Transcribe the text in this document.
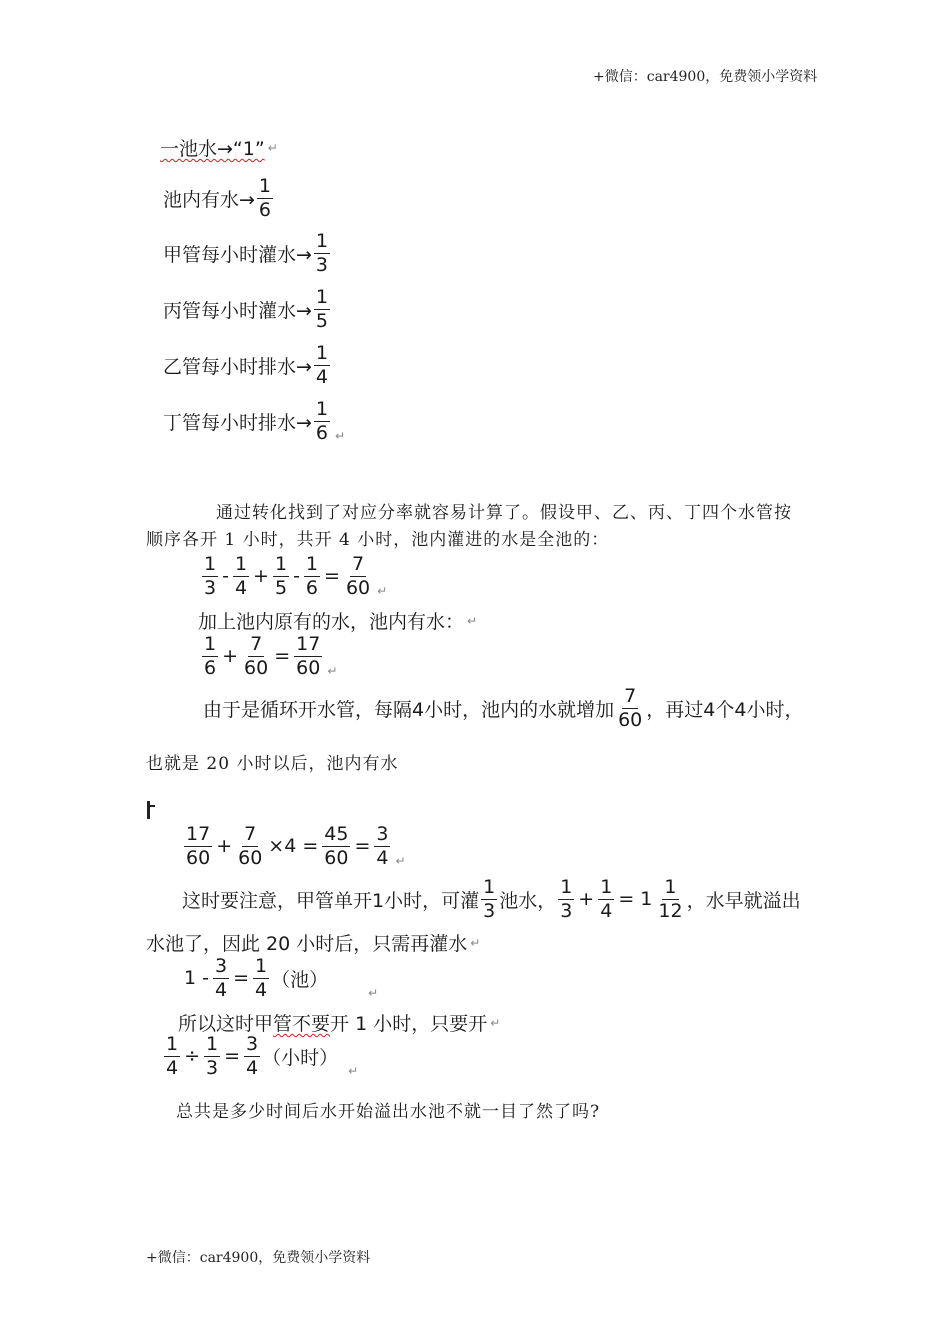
+微信：car4900，免费领小学资料
一池水→“1” ↵
池内有水→ $\frac{1}{6}$
甲管每小时灌水→ $\frac{1}{3}$
丙管每小时灌水→ $\frac{1}{5}$
乙管每小时排水→ $\frac{1}{4}$
丁管每小时排水→ $\frac{1}{6}$ ↵
通过转化找到了对应分率就容易计算了。假设甲、乙、丙、丁四个水管按
顺序各开 1 小时，共开 4 小时，池内灌进的水是全池的：
$\frac{1}{3} - \frac{1}{4} + \frac{1}{5} - \frac{1}{6} = \frac{7}{60}$ ↵
加上池内原有的水，池内有水： ↵
$\frac{1}{6} + \frac{7}{60} = \frac{17}{60}$ ↵
由于是循环开水管，每隔4小时，池内的水就增加 $\frac{7}{60}$ ，再过4个4小时，
也就是 20 小时以后，池内有水
$\frac{17}{60} + \frac{7}{60} \times 4 = \frac{45}{60} = \frac{3}{4}$ ↵
这时要注意，甲管单开1小时，可灌 $\frac{1}{3}$ 池水， $\frac{1}{3} + \frac{1}{4} = 1 \frac{1}{12}$ ，水早就溢出
水池了，因此 20 小时后，只需再灌水 ↵
$1 - \frac{3}{4} = \frac{1}{4}$ （池）
↵
所以这时甲 管不要 开 1 小时，只要开 ↵
$\frac{1}{4} \div \frac{1}{3} = \frac{3}{4}$ （小时）
↵
总共是多少时间后水开始溢出水池不就一目了然了吗?
+微信：car4900，免费领小学资料
